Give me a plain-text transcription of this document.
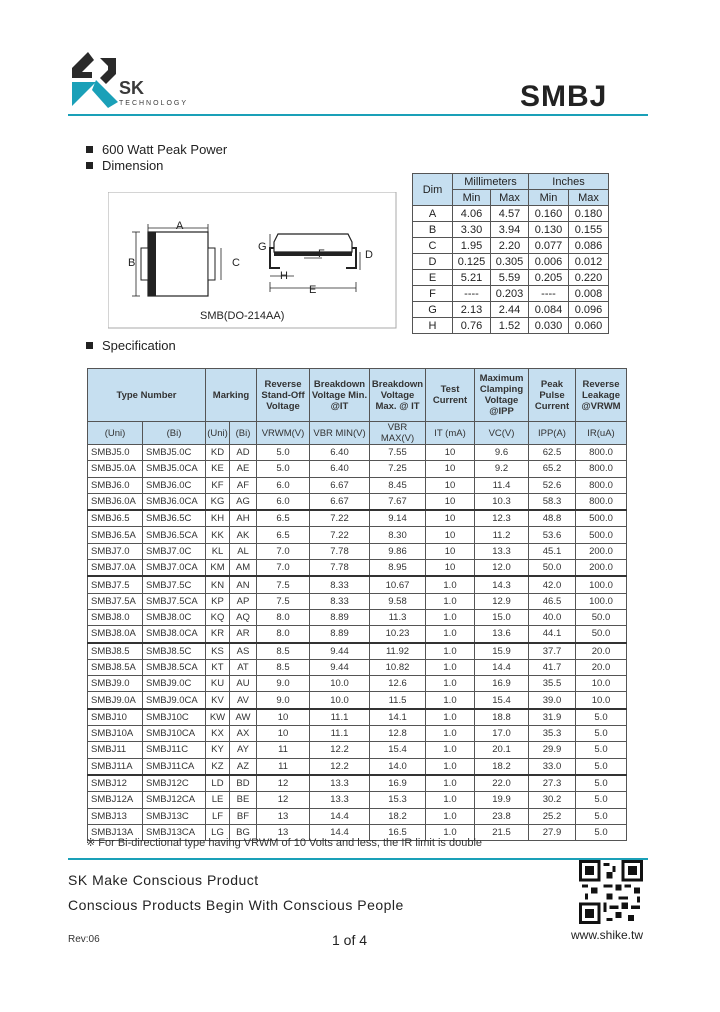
SK
TECHNOLOGY	SMBJ
600 Watt Peak Power
Dimension
Specification
A
B	C
D
E
F
G
H
SMB(DO-214AA)
Dim	Millimeters		Inches	
	Min	Max	Min	Max
A	4.06	4.57	0.160	0.180
B	3.30	3.94	0.130	0.155
C	1.95	2.20	0.077	0.086
D	0.125	0.305	0.006	0.012
E	5.21	5.59	0.205	0.220
F	----	0.203	----	0.008
G	2.13	2.44	0.084	0.096
H	0.76	1.52	0.030	0.060
Type Number		Marking		Reverse Stand-Off Voltage	Breakdown Voltage Min. @IT	Breakdown Voltage Max. @ IT	Test Current	Maximum Clamping Voltage @IPP	Peak Pulse Current	Reverse Leakage @VRWM
(Uni)	(Bi)	(Uni)	(Bi)	VRWM(V)	VBR MIN(V)	VBR MAX(V)	IT (mA)	VC(V)	IPP(A)	IR(uA)
SMBJ5.0	SMBJ5.0C	KD	AD	5.0	6.40	7.55	10	9.6	62.5	800.0
SMBJ5.0A	SMBJ5.0CA	KE	AE	5.0	6.40	7.25	10	9.2	65.2	800.0
SMBJ6.0	SMBJ6.0C	KF	AF	6.0	6.67	8.45	10	11.4	52.6	800.0
SMBJ6.0A	SMBJ6.0CA	KG	AG	6.0	6.67	7.67	10	10.3	58.3	800.0
SMBJ6.5	SMBJ6.5C	KH	AH	6.5	7.22	9.14	10	12.3	48.8	500.0
SMBJ6.5A	SMBJ6.5CA	KK	AK	6.5	7.22	8.30	10	11.2	53.6	500.0
SMBJ7.0	SMBJ7.0C	KL	AL	7.0	7.78	9.86	10	13.3	45.1	200.0
SMBJ7.0A	SMBJ7.0CA	KM	AM	7.0	7.78	8.95	10	12.0	50.0	200.0
SMBJ7.5	SMBJ7.5C	KN	AN	7.5	8.33	10.67	1.0	14.3	42.0	100.0
SMBJ7.5A	SMBJ7.5CA	KP	AP	7.5	8.33	9.58	1.0	12.9	46.5	100.0
SMBJ8.0	SMBJ8.0C	KQ	AQ	8.0	8.89	11.3	1.0	15.0	40.0	50.0
SMBJ8.0A	SMBJ8.0CA	KR	AR	8.0	8.89	10.23	1.0	13.6	44.1	50.0
SMBJ8.5	SMBJ8.5C	KS	AS	8.5	9.44	11.92	1.0	15.9	37.7	20.0
SMBJ8.5A	SMBJ8.5CA	KT	AT	8.5	9.44	10.82	1.0	14.4	41.7	20.0
SMBJ9.0	SMBJ9.0C	KU	AU	9.0	10.0	12.6	1.0	16.9	35.5	10.0
SMBJ9.0A	SMBJ9.0CA	KV	AV	9.0	10.0	11.5	1.0	15.4	39.0	10.0
SMBJ10	SMBJ10C	KW	AW	10	11.1	14.1	1.0	18.8	31.9	5.0
SMBJ10A	SMBJ10CA	KX	AX	10	11.1	12.8	1.0	17.0	35.3	5.0
SMBJ11	SMBJ11C	KY	AY	11	12.2	15.4	1.0	20.1	29.9	5.0
SMBJ11A	SMBJ11CA	KZ	AZ	11	12.2	14.0	1.0	18.2	33.0	5.0
SMBJ12	SMBJ12C	LD	BD	12	13.3	16.9	1.0	22.0	27.3	5.0
SMBJ12A	SMBJ12CA	LE	BE	12	13.3	15.3	1.0	19.9	30.2	5.0
SMBJ13	SMBJ13C	LF	BF	13	14.4	18.2	1.0	23.8	25.2	5.0
SMBJ13A	SMBJ13CA	LG	BG	13	14.4	16.5	1.0	21.5	27.9	5.0
※ For Bi-directional type having VRWM of 10 Volts and less, the IR limit is double
SK Make Conscious Product
Conscious Products Begin With Conscious People
Rev:06	1 of 4	www.shike.tw
